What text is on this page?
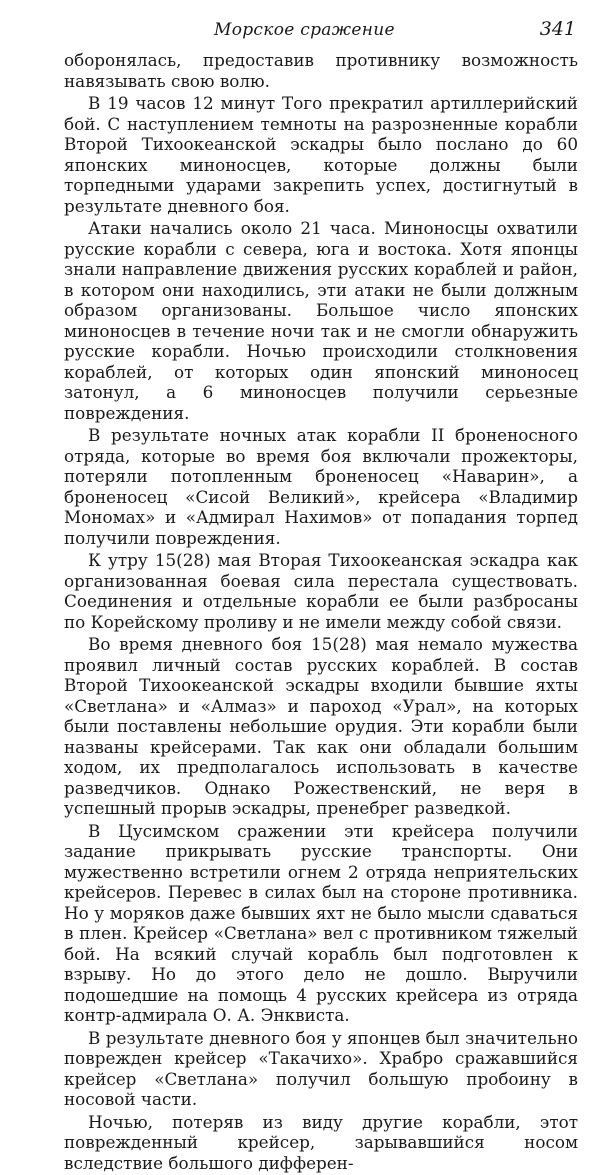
Морское сражение	341

оборонялась, предоставив противнику возможность навязывать свою волю.

В 19 часов 12 минут Того прекратил артиллерийский бой. С наступлением темноты на разрозненные корабли Второй Тихоокеанской эскадры было послано до 60 японских миноносцев, которые должны были торпедными ударами закрепить успех, достигнутый в результате дневного боя.

Атаки начались около 21 часа. Миноносцы охватили русские корабли с севера, юга и востока. Хотя японцы знали направление движения русских кораблей и район, в котором они находились, эти атаки не были должным образом организованы. Большое число японских миноносцев в течение ночи так и не смогли обнаружить русские корабли. Ночью происходили столкновения кораблей, от которых один японский миноносец затонул, а 6 миноносцев получили серьезные повреждения.

В результате ночных атак корабли II броненосного отряда, которые во время боя включали прожекторы, потеряли потопленным броненосец «Наварин», а броненосец «Сисой Великий», крейсера «Владимир Мономах» и «Адмирал Нахимов» от попадания торпед получили повреждения.

К утру 15(28) мая Вторая Тихоокеанская эскадра как организованная боевая сила перестала существовать. Соединения и отдельные корабли ее были разбросаны по Корейскому проливу и не имели между собой связи.

Во время дневного боя 15(28) мая немало мужества проявил личный состав русских кораблей. В состав Второй Тихоокеанской эскадры входили бывшие яхты «Светлана» и «Алмаз» и пароход «Урал», на которых были поставлены небольшие орудия. Эти корабли были названы крейсерами. Так как они обладали большим ходом, их предполагалось использовать в качестве разведчиков. Однако Рожественский, не веря в успешный прорыв эскадры, пренебрег разведкой.

В Цусимском сражении эти крейсера получили задание прикрывать русские транспорты. Они мужественно встретили огнем 2 отряда неприятельских крейсеров. Перевес в силах был на стороне противника. Но у моряков даже бывших яхт не было мысли сдаваться в плен. Крейсер «Светлана» вел с противником тяжелый бой. На всякий случай корабль был подготовлен к взрыву. Но до этого дело не дошло. Выручили подошедшие на помощь 4 русских крейсера из отряда контр-адмирала О. А. Энквиста.

В результате дневного боя у японцев был значительно поврежден крейсер «Такачихо». Храбро сражавшийся крейсер «Светлана» получил большую пробоину в носовой части.

Ночью, потеряв из виду другие корабли, этот поврежденный крейсер, зарывавшийся носом вследствие большого дифферен-
